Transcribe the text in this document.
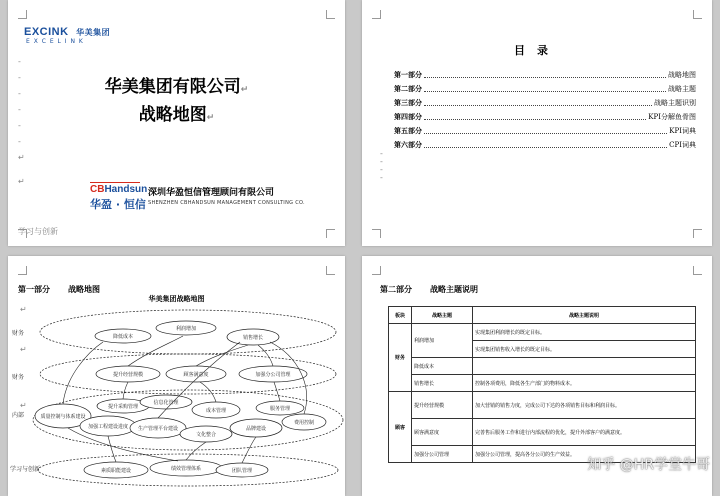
EXCINK 华美集团
E X C E L I N K
-

-

-

-

-

-

↵

↵
华美集团有限公司↵
战略地图↵
CBHandsun
华盈 · 恒信
深圳华盈恒信管理顾问有限公司
SHENZHEN CBHANDSUN MANAGEMENT CONSULTING CO.
学习与创新
目录
第一部分	战略地图
第二部分	战略主题
第三部分	战略主题识别
第四部分	KPI分解鱼骨图
第五部分	KPI词典
第六部分	CPI词典
-
-
-
-
第一部分 战略地图
华美集团战略地图
财务
财务
内部
学习与创新
↵

↵

↵
利润增加
降低成本	销售增长
提升经营规模	顾客满意度	加强分公司管理
质量控制与体系建设
提升采购管理
信息化管理
成本管理	服务管理
加强工程建设进度 生产管理平台建设
文化整合
品牌建设
费用控制
素质职能建设	绩效管理体系	团队管理
第二部分 战略主题说明
板块	战略主题	战略主题说明
财务	利润增加	实现集团利润增长的既定目标。
		实现集团销售收入增长的既定目标。
	降低成本	
	销售增长	控制各项费用，降低各生产部门的物料成本。
顾客	提升经营规模	加大营销的销售力度，完成公司下达的各项销售目标和利润目标。
	顾客满意度	完善售后服务工作和进行内部流程的优化，提升外部客户的满意度。
	加强分公司管理	加强分公司管理，提高各分公司的生产效益。
知乎 @HR学堂牛哥
